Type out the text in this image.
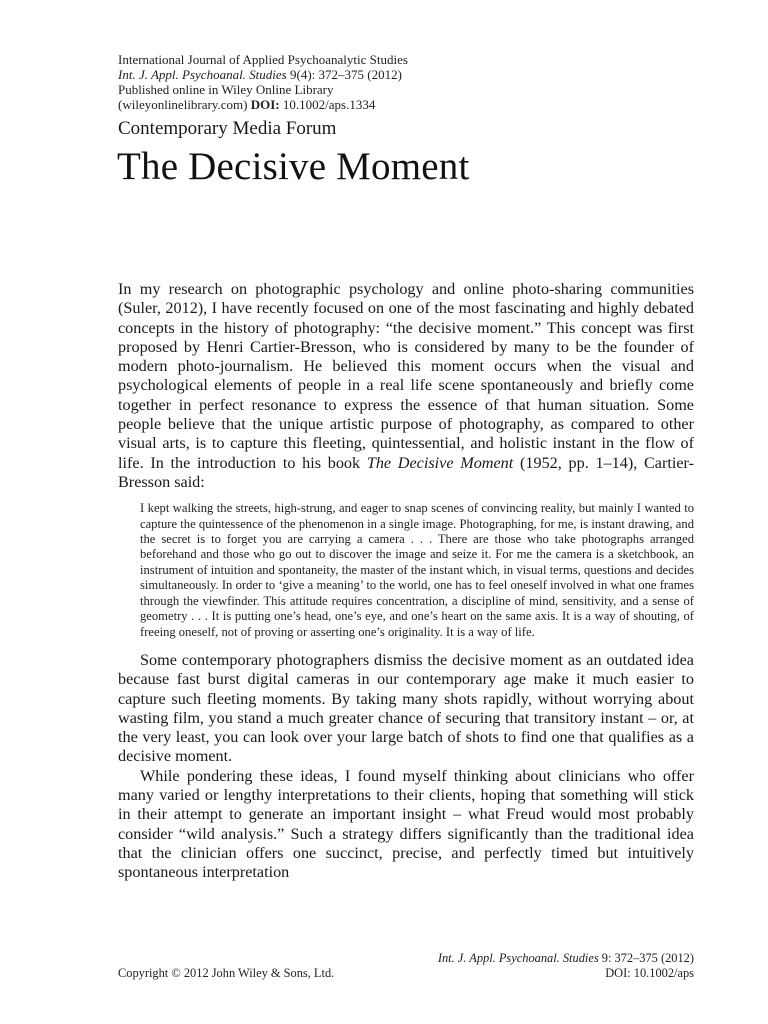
International Journal of Applied Psychoanalytic Studies
Int. J. Appl. Psychoanal. Studies 9(4): 372–375 (2012)
Published online in Wiley Online Library
(wileyonlinelibrary.com) DOI: 10.1002/aps.1334
Contemporary Media Forum
The Decisive Moment

In my research on photographic psychology and online photo-sharing communities (Suler, 2012), I have recently focused on one of the most fascinating and highly debated concepts in the history of photography: “the decisive moment.” This concept was first proposed by Henri Cartier-Bresson, who is considered by many to be the founder of modern photo-journalism. He believed this moment occurs when the visual and psychological elements of people in a real life scene spontaneously and briefly come together in perfect resonance to express the essence of that human situation. Some people believe that the unique artistic purpose of photography, as compared to other visual arts, is to capture this fleeting, quintessential, and holistic instant in the flow of life. In the introduction to his book The Decisive Moment (1952, pp. 1–14), Cartier-Bresson said:

I kept walking the streets, high-strung, and eager to snap scenes of convincing reality, but mainly I wanted to capture the quintessence of the phenomenon in a single image. Photographing, for me, is instant drawing, and the secret is to forget you are carrying a camera . . . There are those who take photographs arranged beforehand and those who go out to discover the image and seize it. For me the camera is a sketchbook, an instrument of intuition and spontaneity, the master of the instant which, in visual terms, questions and decides simultaneously. In order to ‘give a meaning’ to the world, one has to feel oneself involved in what one frames through the viewfinder. This attitude requires concentration, a discipline of mind, sensitivity, and a sense of geometry . . . It is putting one’s head, one’s eye, and one’s heart on the same axis. It is a way of shouting, of freeing oneself, not of proving or asserting one’s originality. It is a way of life.

Some contemporary photographers dismiss the decisive moment as an outdated idea because fast burst digital cameras in our contemporary age make it much easier to capture such fleeting moments. By taking many shots rapidly, without worrying about wasting film, you stand a much greater chance of securing that transitory instant – or, at the very least, you can look over your large batch of shots to find one that qualifies as a decisive moment.

While pondering these ideas, I found myself thinking about clinicians who offer many varied or lengthy interpretations to their clients, hoping that something will stick in their attempt to generate an important insight – what Freud would most probably consider “wild analysis.” Such a strategy differs significantly than the traditional idea that the clinician offers one succinct, precise, and perfectly timed but intuitively spontaneous interpretation

Int. J. Appl. Psychoanal. Studies 9: 372–375 (2012)
DOI: 10.1002/aps
Copyright © 2012 John Wiley & Sons, Ltd.
